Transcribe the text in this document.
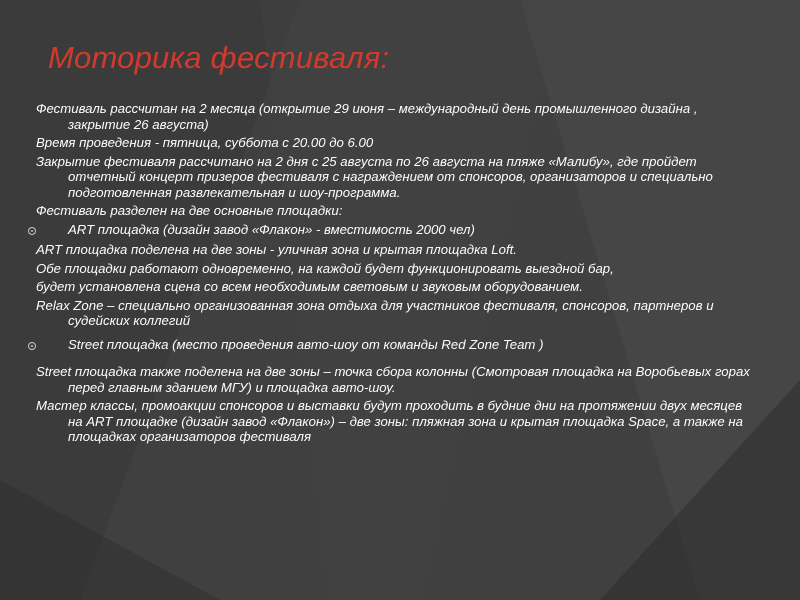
Моторика фестиваля:

Фестиваль рассчитан на 2 месяца (открытие 29 июня – международный день промышленного дизайна , закрытие 26 августа)

Время проведения - пятница, суббота с 20.00 до 6.00

Закрытие фестиваля рассчитано на 2 дня с 25 августа по 26 августа на пляже «Малибу», где пройдет отчетный концерт призеров фестиваля с награждением от спонсоров, организаторов и специально подготовленная развлекательная и шоу-программа.

Фестиваль разделен на две основные площадки:

ART площадка (дизайн завод «Флакон» - вместимость 2000 чел)

ART площадка поделена на две зоны - уличная зона и крытая площадка Loft.

Обе площадки работают одновременно, на каждой будет функционировать выездной бар,

будет установлена сцена со всем необходимым световым и звуковым оборудованием.

Relax Zone – специально организованная зона отдыха для участников фестиваля, спонсоров, партнеров и судейских коллегий

Street площадка (место проведения авто-шоу от команды Red Zone Team )

Street площадка также поделена на две зоны – точка сбора колонны (Смотровая площадка на Воробьевых горах перед главным зданием МГУ) и площадка авто-шоу.

Мастер классы, промоакции спонсоров и выставки будут проходить в будние дни на протяжении двух месяцев на ART площадке (дизайн завод «Флакон») – две зоны: пляжная зона и крытая площадка Space, а также на площадках организаторов фестиваля
